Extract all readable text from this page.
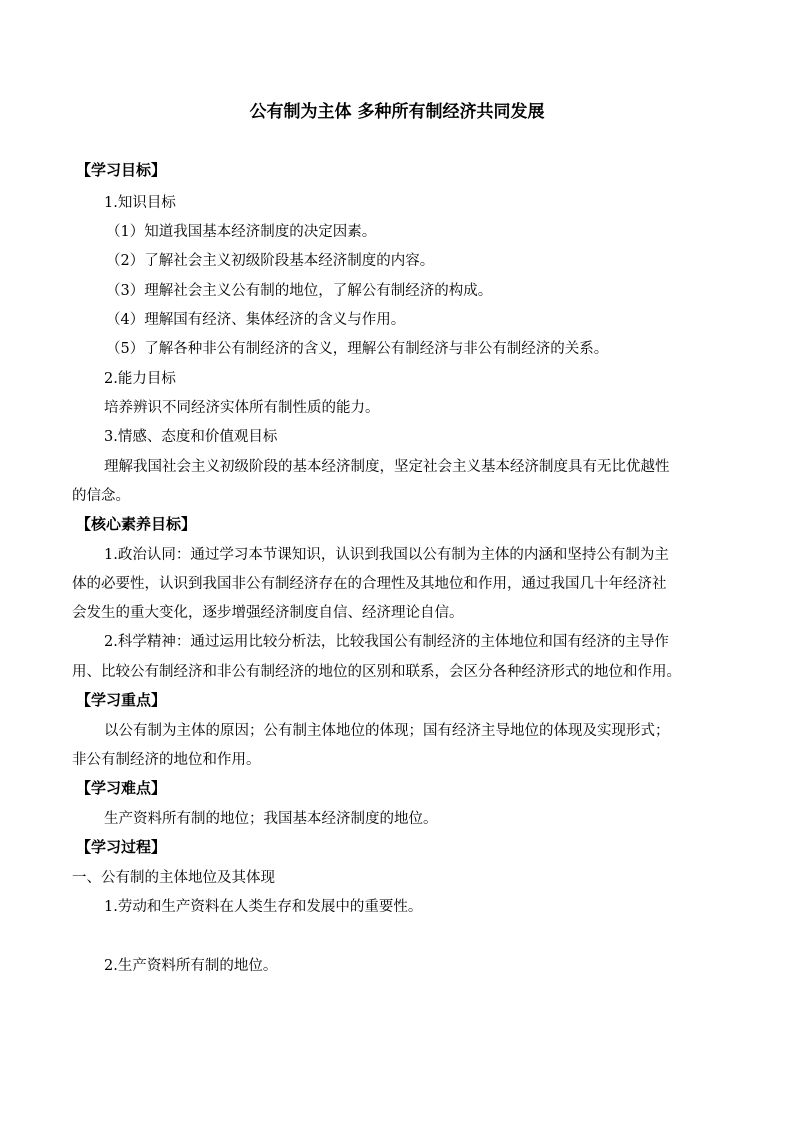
公有制为主体 多种所有制经济共同发展
【学习目标】
1.知识目标
（1）知道我国基本经济制度的决定因素。
（2）了解社会主义初级阶段基本经济制度的内容。
（3）理解社会主义公有制的地位，了解公有制经济的构成。
（4）理解国有经济、集体经济的含义与作用。
（5）了解各种非公有制经济的含义，理解公有制经济与非公有制经济的关系。
2.能力目标
培养辨识不同经济实体所有制性质的能力。
3.情感、态度和价值观目标
理解我国社会主义初级阶段的基本经济制度，坚定社会主义基本经济制度具有无比优越性
的信念。
【核心素养目标】
1.政治认同：通过学习本节课知识，认识到我国以公有制为主体的内涵和坚持公有制为主
体的必要性，认识到我国非公有制经济存在的合理性及其地位和作用，通过我国几十年经济社
会发生的重大变化，逐步增强经济制度自信、经济理论自信。
2.科学精神：通过运用比较分析法，比较我国公有制经济的主体地位和国有经济的主导作
用、比较公有制经济和非公有制经济的地位的区别和联系，会区分各种经济形式的地位和作用。
【学习重点】
以公有制为主体的原因；公有制主体地位的体现；国有经济主导地位的体现及实现形式；
非公有制经济的地位和作用。
【学习难点】
生产资料所有制的地位；我国基本经济制度的地位。
【学习过程】
一、公有制的主体地位及其体现
1.劳动和生产资料在人类生存和发展中的重要性。
2.生产资料所有制的地位。
